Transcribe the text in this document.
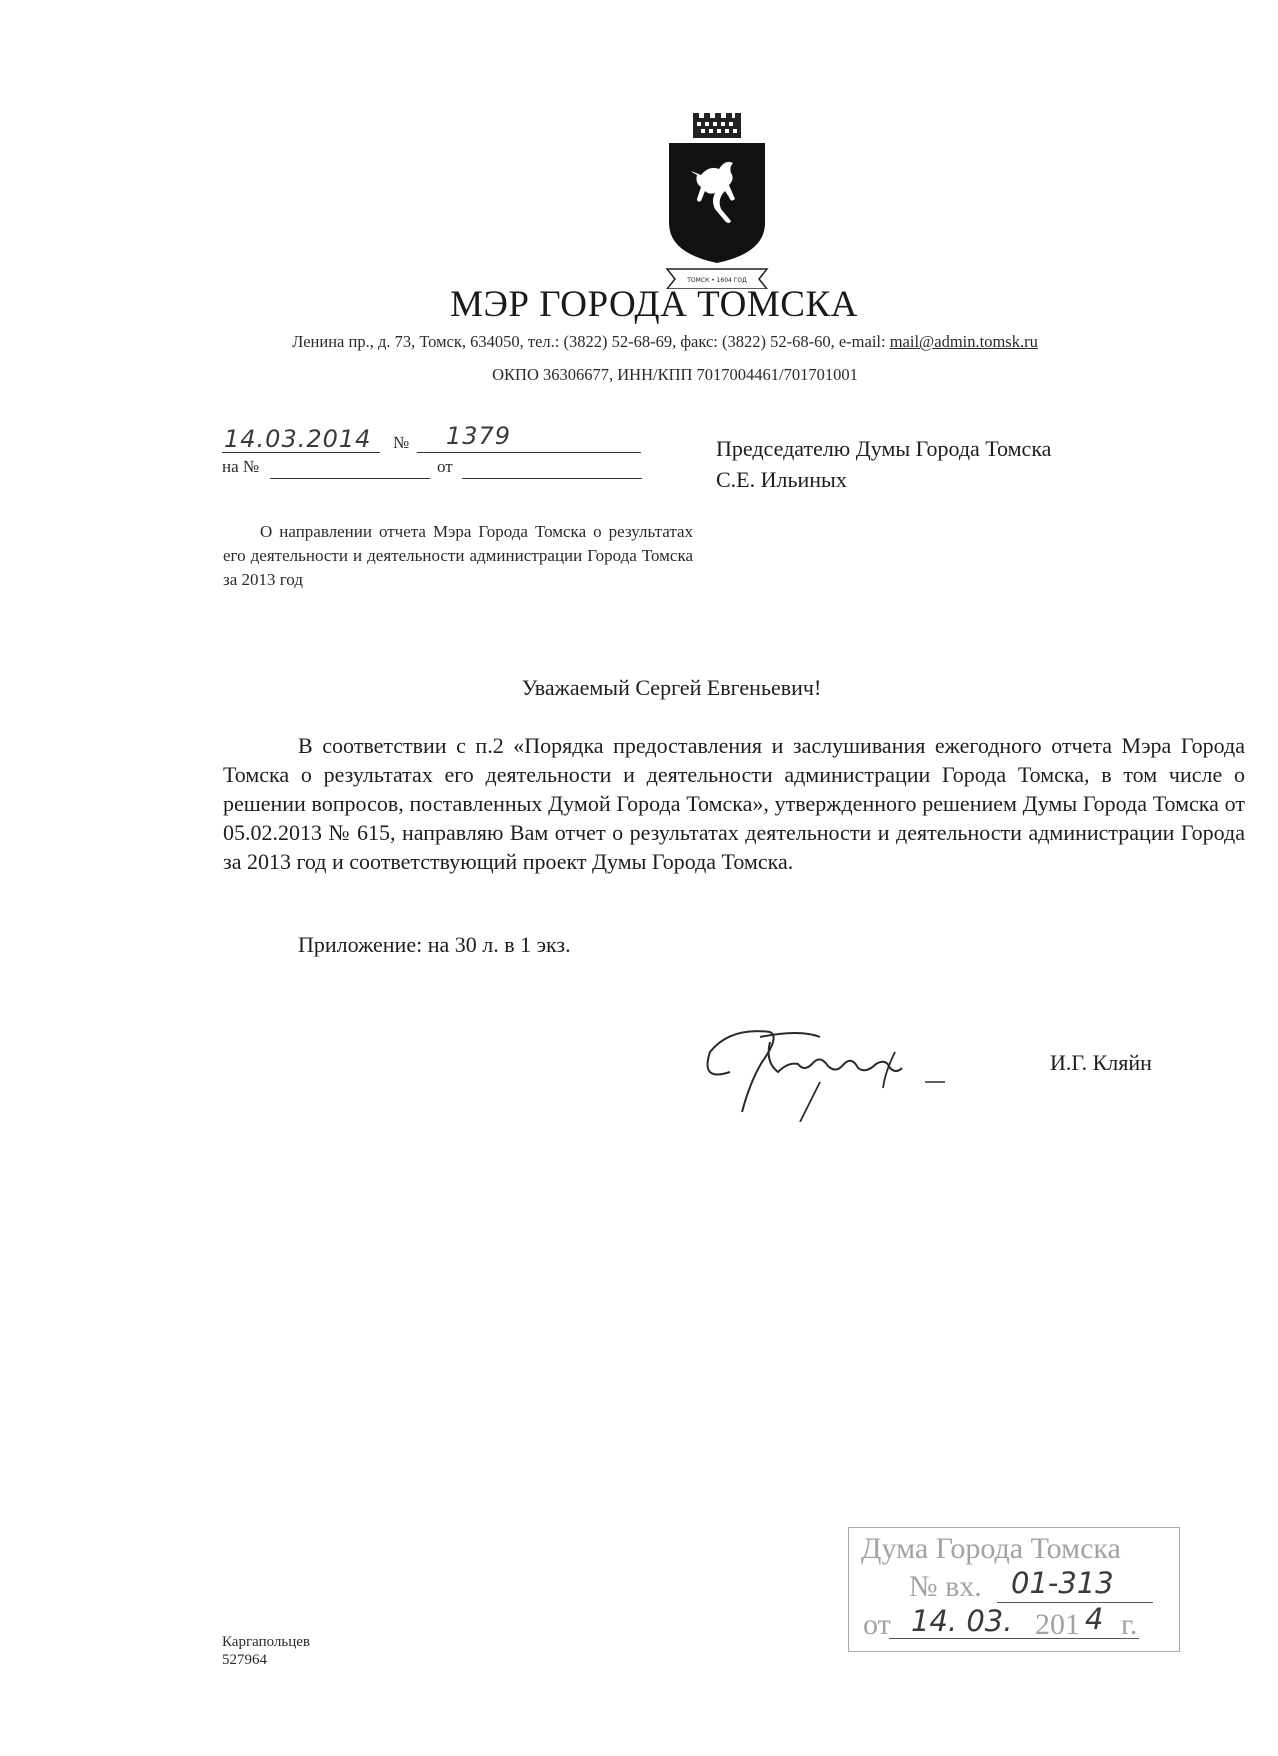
ТОМСК • 1604 ГОД
МЭР ГОРОДА ТОМСКА
Ленина пр., д. 73, Томск, 634050, тел.: (3822) 52-68-69, факс: (3822) 52-68-60, e-mail: mail@admin.tomsk.ru
ОКПО 36306677, ИНН/КПП 7017004461/701701001
14.03.2014 № 1379
на №	от
Председателю Думы Города Томска
С.Е. Ильиных
О направлении отчета Мэра Города Томска о результатах его деятельности и деятельности администрации Города Томска за 2013 год
Уважаемый Сергей Евгеньевич!
В соответствии с п.2 «Порядка предоставления и заслушивания ежегодного отчета Мэра Города Томска о результатах его деятельности и деятельности администрации Города Томска, в том числе о решении вопросов, поставленных Думой Города Томска», утвержденного решением Думы Города Томска от 05.02.2013 № 615, направляю Вам отчет о результатах деятельности и деятельности администрации Города за 2013 год и соответствующий проект Думы Города Томска.
Приложение: на 30 л. в 1 экз.
И.Г. Кляйн
Каргапольцев
527964
Дума Города Томска
№ вх. 01-313
от 14. 03. 201 4 г.
